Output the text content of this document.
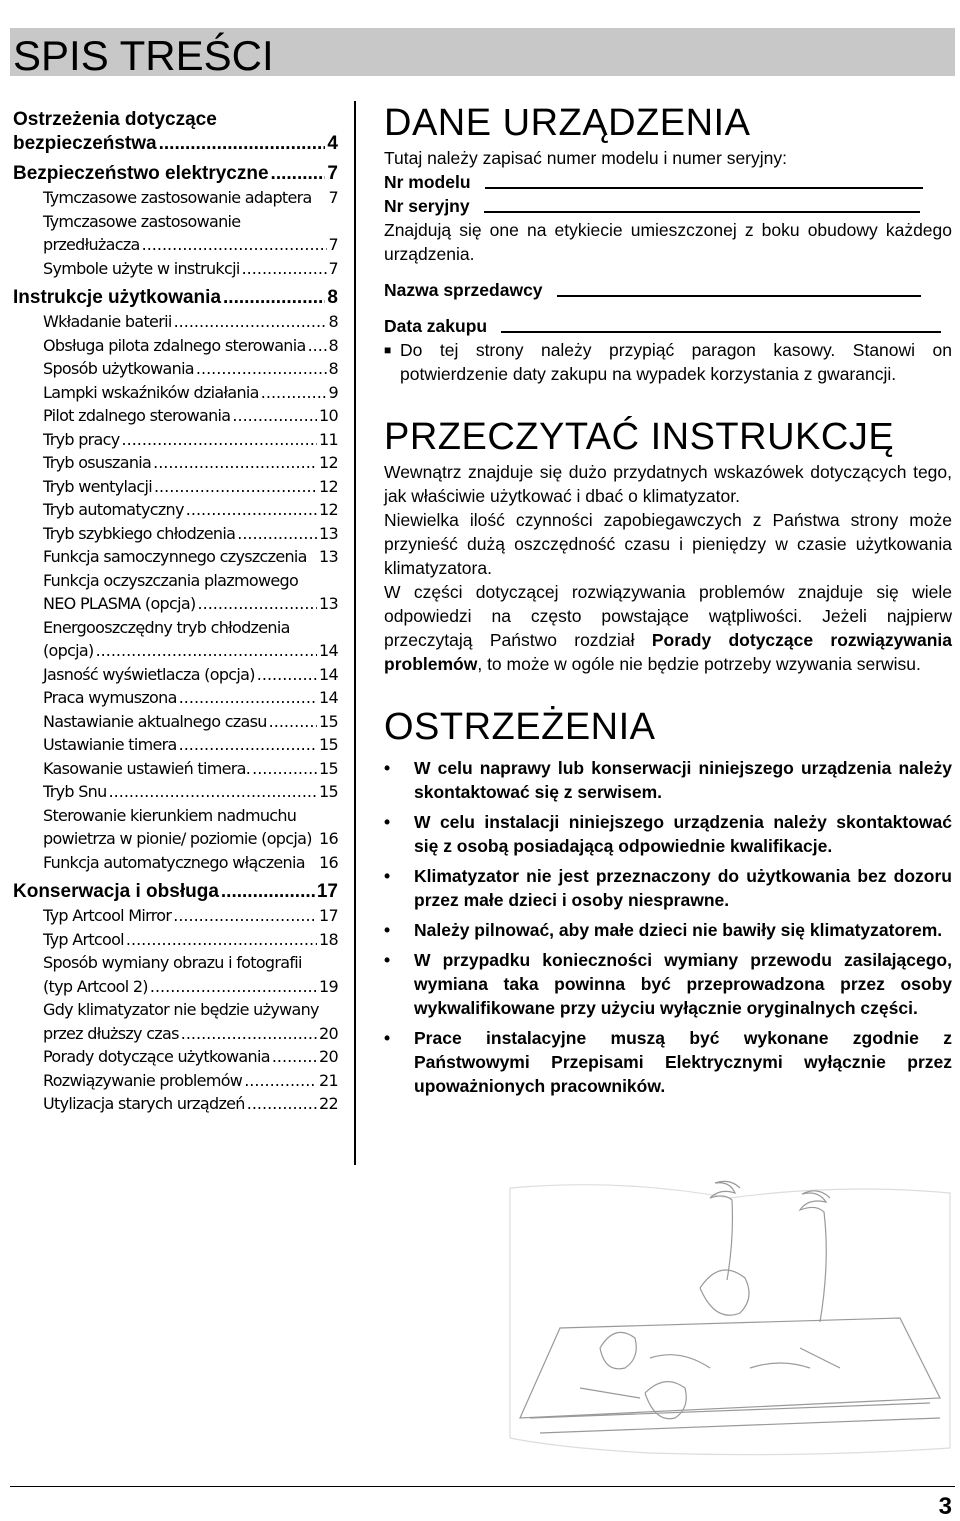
SPIS TREŚCI
Ostrzeżenia dotyczące
bezpieczeństwa .....	4
Bezpieczeństwo elektryczne .....	7
Tymczasowe zastosowanie adaptera 7
Tymczasowe zastosowanie
przedłużacza .....	7
Symbole użyte w instrukcji .....	7
Instrukcje użytkowania .....	8
Wkładanie baterii .....	8
Obsługa pilota zdalnego sterowania ..... 8
Sposób użytkowania .....	8
Lampki wskaźników działania .....	9
Pilot zdalnego sterowania .....	10
Tryb pracy .....	11
Tryb osuszania .....	12
Tryb wentylacji .....	12
Tryb automatyczny .....	12
Tryb szybkiego chłodzenia .....	13
Funkcja samoczynnego czyszczenia 13
Funkcja oczyszczania plazmowego
NEO PLASMA (opcja) .....	13
Energooszczędny tryb chłodzenia
(opcja) .....	14
Jasność wyświetlacza (opcja) .....	14
Praca wymuszona .....	14
Nastawianie aktualnego czasu .....	15
Ustawianie timera .....	15
Kasowanie ustawień timera. .....	15
Tryb Snu .....	15
Sterowanie kierunkiem nadmuchu
powietrza w pionie/ poziomie (opcja) 16
Funkcja automatycznego włączenia 16
Konserwacja i obsługa .....	17
Typ Artcool Mirror .....	17
Typ Artcool .....	18
Sposób wymiany obrazu i fotografii
(typ Artcool 2) .....	19
Gdy klimatyzator nie będzie używany
przez dłuższy czas .....	20
Porady dotyczące użytkowania .....	20
Rozwiązywanie problemów .....	21
Utylizacja starych urządzeń .....	22
DANE URZĄDZENIA

Tutaj należy zapisać numer modelu i numer seryjny:

Nr modelu
Nr seryjny

Znajdują się one na etykiecie umieszczonej z boku obudowy każdego urządzenia.

Nazwa sprzedawcy
Data zakupu
■ Do tej strony należy przypiąć paragon kasowy. Stanowi on potwierdzenie daty zakupu na wypadek korzystania z gwarancji.
PRZECZYTAĆ INSTRUKCJĘ

Wewnątrz znajduje się dużo przydatnych wskazówek dotyczących tego, jak właściwie użytkować i dbać o klimatyzator.

Niewielka ilość czynności zapobiegawczych z Państwa strony może przynieść dużą oszczędność czasu i pieniędzy w czasie użytkowania klimatyzatora.

W części dotyczącej rozwiązywania problemów znajduje się wiele odpowiedzi na często powstające wątpliwości. Jeżeli najpierw przeczytają Państwo rozdział Porady dotyczące rozwiązywania problemów, to może w ogóle nie będzie potrzeby wzywania serwisu.

OSTRZEŻENIA
•	W celu naprawy lub konserwacji niniejszego urządzenia należy skontaktować się z serwisem.
•	W celu instalacji niniejszego urządzenia należy skontaktować się z osobą posiadającą odpowiednie kwalifikacje.
•	Klimatyzator nie jest przeznaczony do użytkowania bez dozoru przez małe dzieci i osoby niesprawne.
•	Należy pilnować, aby małe dzieci nie bawiły się klimatyzatorem.
•	W przypadku konieczności wymiany przewodu zasilającego, wymiana taka powinna być przeprowadzona przez osoby wykwalifikowane przy użyciu wyłącznie oryginalnych części.
•	Prace instalacyjne muszą być wykonane zgodnie z Państwowymi Przepisami Elektrycznymi wyłącznie przez upoważnionych pracowników.
3
